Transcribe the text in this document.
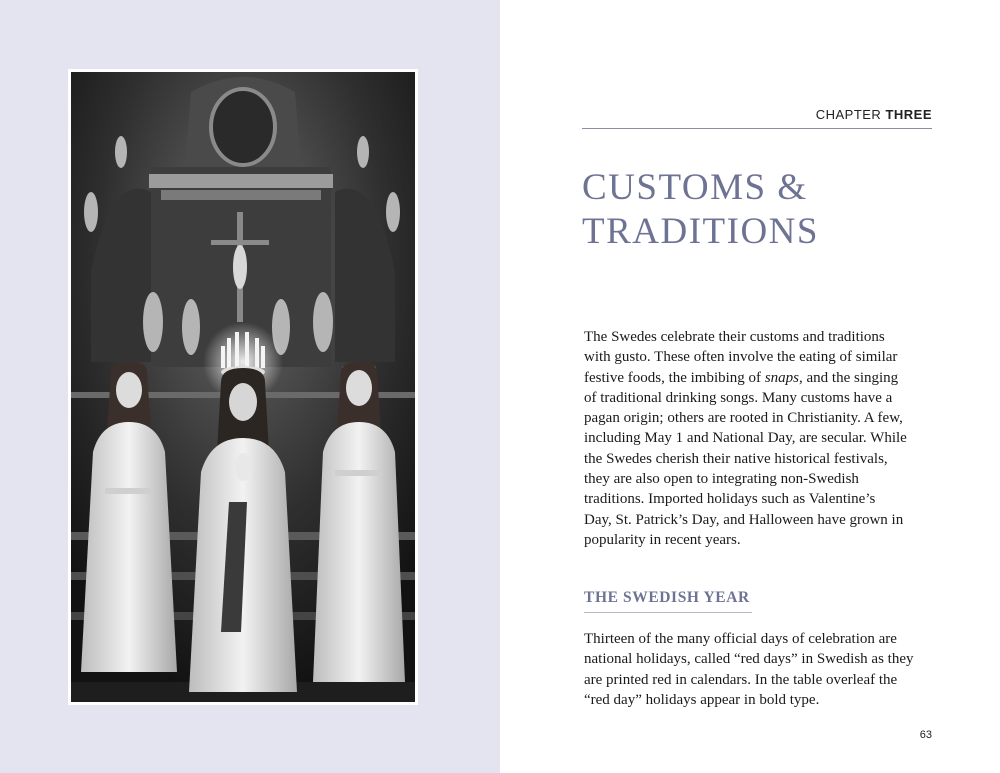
CHAPTER THREE
CUSTOMS &
TRADITIONS

The Swedes celebrate their customs and traditions
with gusto. These often involve the eating of similar
festive foods, the imbibing of snaps, and the singing
of traditional drinking songs. Many customs have a
pagan origin; others are rooted in Christianity. A few,
including May 1 and National Day, are secular. While
the Swedes cherish their native historical festivals,
they are also open to integrating non-Swedish
traditions. Imported holidays such as Valentine’s
Day, St. Patrick’s Day, and Halloween have grown in
popularity in recent years.

THE SWEDISH YEAR

Thirteen of the many official days of celebration are
national holidays, called “red days” in Swedish as they
are printed red in calendars. In the table overleaf the
“red day” holidays appear in bold type.

63
